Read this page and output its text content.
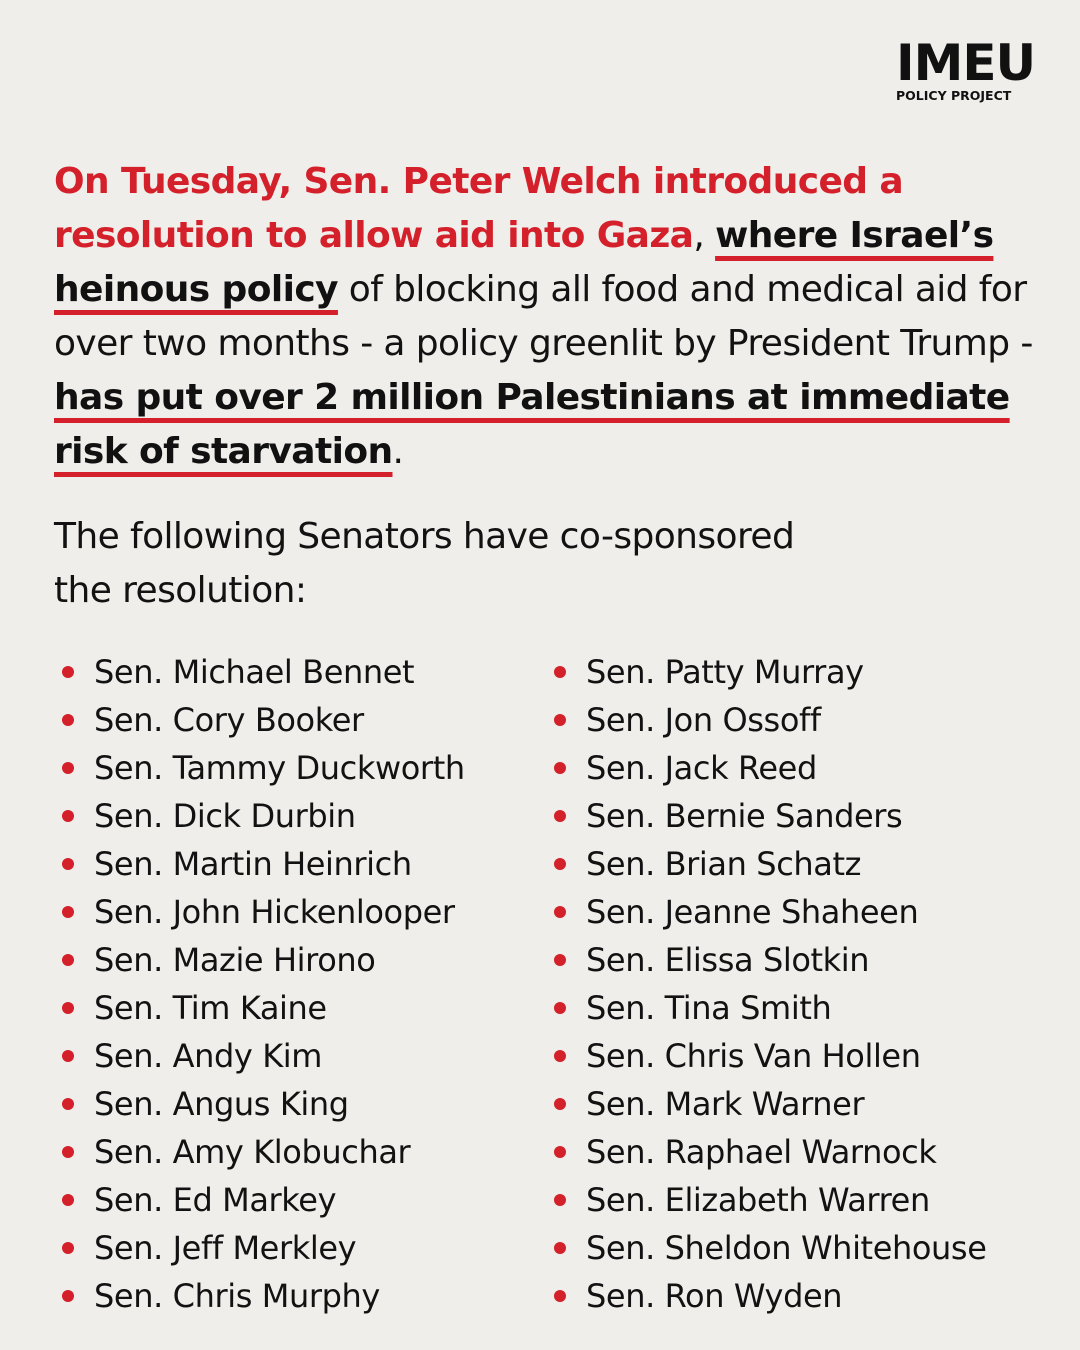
IMEU
POLICY PROJECT
On Tuesday, Sen. Peter Welch introduced a resolution to allow aid into Gaza, where Israel’s heinous policy of blocking all food and medical aid for over two months - a policy greenlit by President Trump - has put over 2 million Palestinians at immediate risk of starvation.
The following Senators have co-sponsored
the resolution:
Sen. Michael Bennet
Sen. Cory Booker
Sen. Tammy Duckworth
Sen. Dick Durbin
Sen. Martin Heinrich
Sen. John Hickenlooper
Sen. Mazie Hirono
Sen. Tim Kaine
Sen. Andy Kim
Sen. Angus King
Sen. Amy Klobuchar
Sen. Ed Markey
Sen. Jeff Merkley
Sen. Chris Murphy
Sen. Patty Murray
Sen. Jon Ossoff
Sen. Jack Reed
Sen. Bernie Sanders
Sen. Brian Schatz
Sen. Jeanne Shaheen
Sen. Elissa Slotkin
Sen. Tina Smith
Sen. Chris Van Hollen
Sen. Mark Warner
Sen. Raphael Warnock
Sen. Elizabeth Warren
Sen. Sheldon Whitehouse
Sen. Ron Wyden
